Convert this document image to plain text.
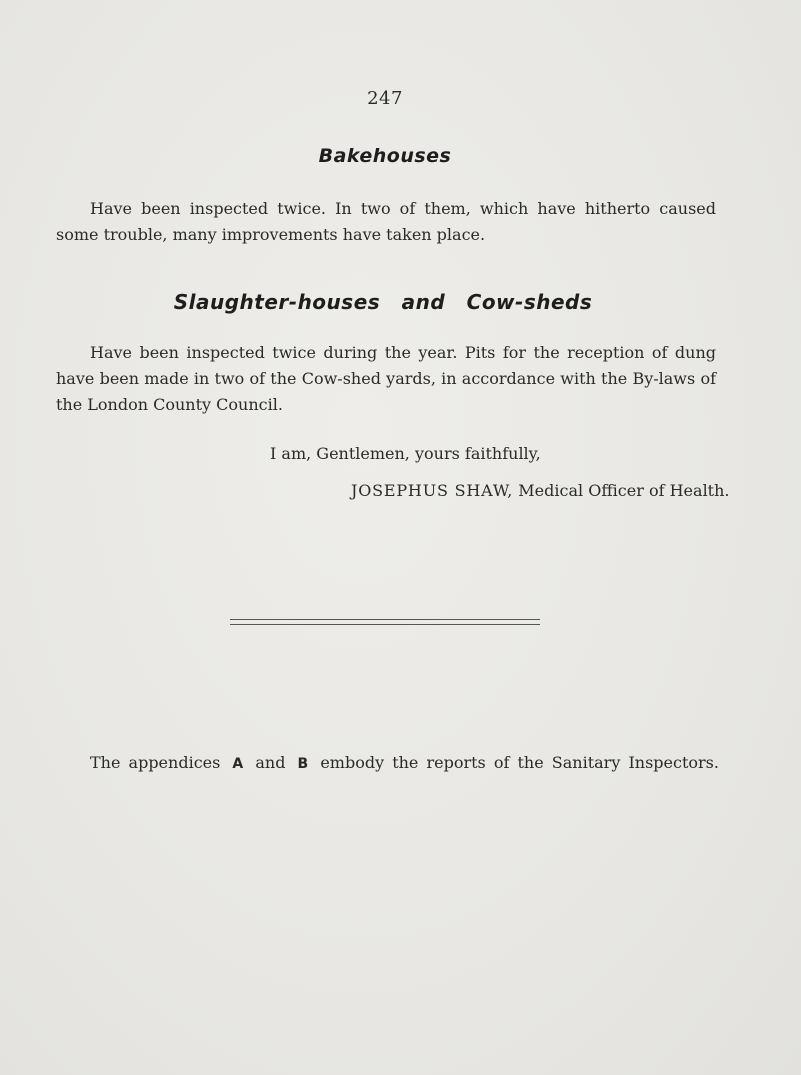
247
Bakehouses
Have been inspected twice. In two of them, which have hitherto caused some trouble, many improvements have taken place.
Slaughter-houses and Cow-sheds
Have been inspected twice during the year. Pits for the reception of dung have been made in two of the Cow-shed yards, in accordance with the By-laws of the London County Council.
I am, Gentlemen, yours faithfully,
JOSEPHUS SHAW, Medical Officer of Health.
The appendices A and B embody the reports of the Sanitary Inspectors.
